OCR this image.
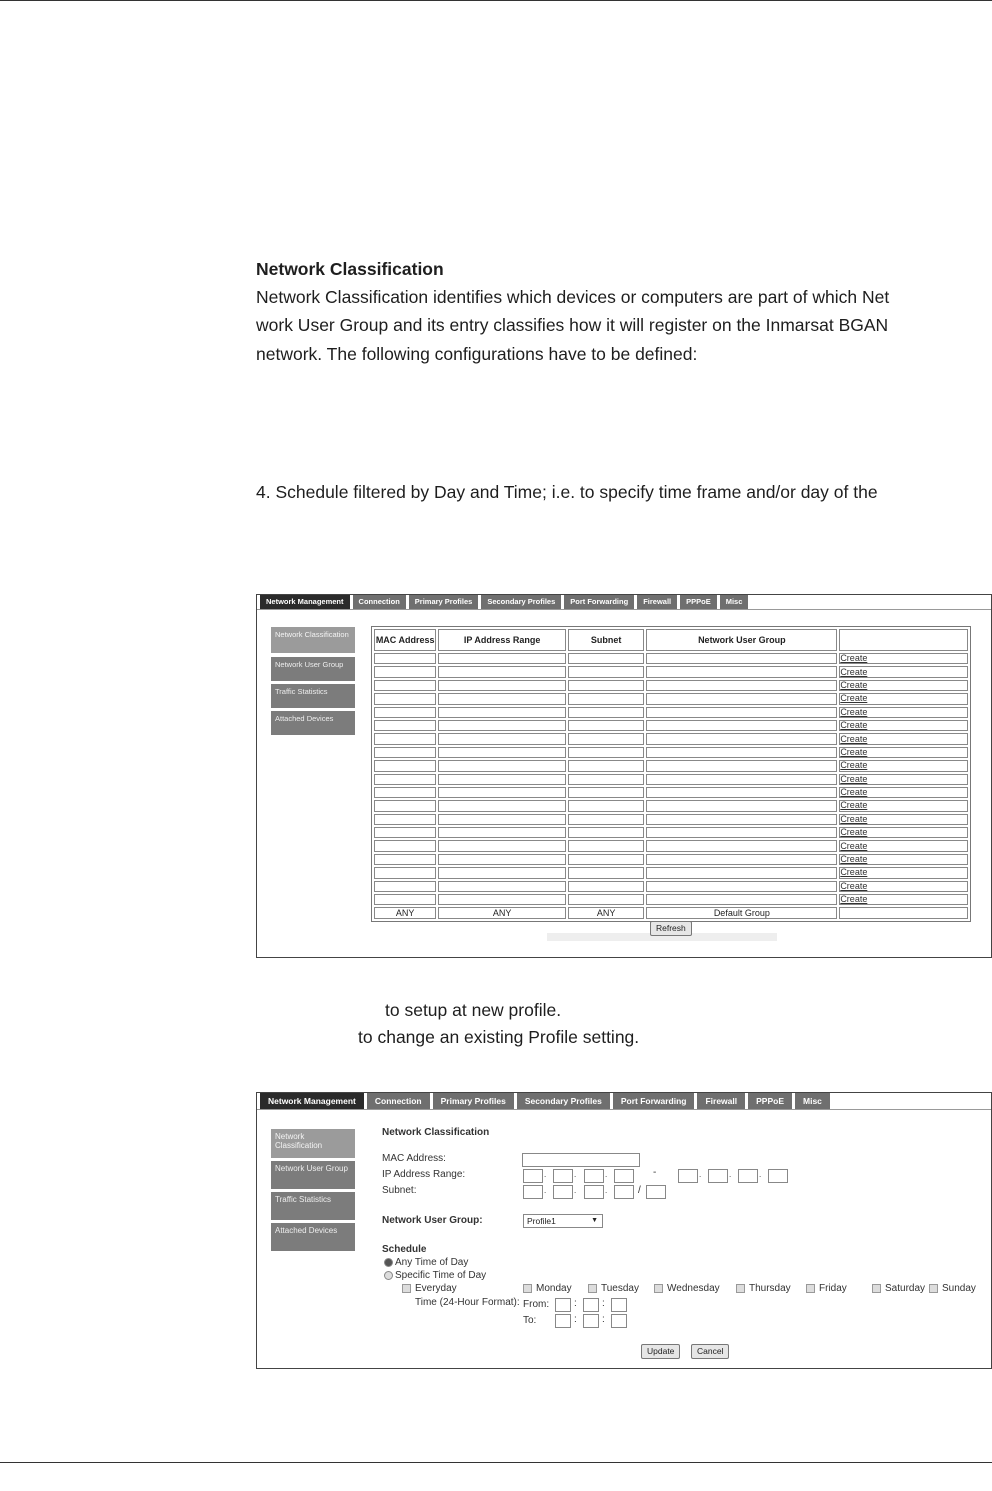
Network Classification
Network Classification identifies which devices or computers are part of which Net
work User Group and its entry classifies how it will register on the Inmarsat BGAN
network. The following configurations have to be defined:
4. Schedule filtered by Day and Time; i.e. to specify time frame and/or day of the
Network Management	Connection	Primary Profiles	Secondary Profiles	Port Forwarding	Firewall	PPPoE	Misc
Network Classification
Network User Group
Traffic Statistics
Attached Devices
MAC Address	IP Address Range	Subnet	Network User Group	
				Create
				Create
				Create
				Create
				Create
				Create
				Create
				Create
				Create
				Create
				Create
				Create
				Create
				Create
				Create
				Create
				Create
				Create
				Create
ANY	ANY	ANY	Default Group	
Refresh
to setup at new profile.
to change an existing Profile setting.
Network Management	Connection	Primary Profiles	Secondary Profiles	Port Forwarding	Firewall	PPPoE	Misc
Network Classification
Network User Group
Traffic Statistics
Attached Devices
Network Classification
MAC Address:
IP Address Range:	-
Subnet:	/
Network User Group:	Profile1	▼
Schedule
Any Time of Day
Specific Time of Day
Everyday
Time (24-Hour Format): From:
To:
Update	Cancel
.	.	.	.	.	.
.	.	.
:
:
:
:
Monday	Tuesday	Wednesday	Thursday	Friday	Saturday	Sunday
